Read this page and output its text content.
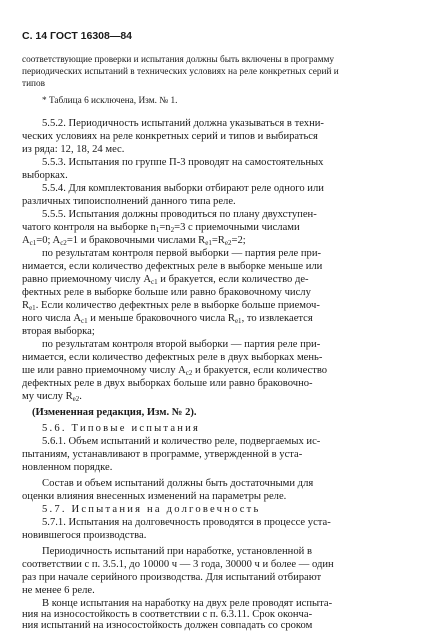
С. 14 ГОСТ 16308—84
соответствующие проверки и испытания должны быть включены в программу
периодических испытаний в технических условиях на реле конкретных серий и
типов
* Таблица 6 исключена, Изм. № 1.
5.5.2. Периодичность испытаний должна указываться в техни-
ческих условиях на реле конкретных серий и типов и выбираться
из ряда: 12, 18, 24 мес.
5.5.3. Испытания по группе П-3 проводят на самостоятельных
выборках.
5.5.4. Для комплектования выборки отбирают реле одного или
различных типоисполнений данного типа реле.
5.5.5. Испытания должны проводиться по плану двухступен-
чатого контроля на выборке $n_1=n_2=3$ с приемочными числами
$A_{c1}=0$; $A_{c2}=1$ и браковочными числами $R_{e1}=R_{e2}=2$;
по результатам контроля первой выборки — партия реле при-
нимается, если количество дефектных реле в выборке меньше или
равно приемочному числу $A_{c1}$ и бракуется, если количество де-
фектных реле в выборке больше или равно браковочному числу
$R_{e1}$. Если количество дефектных реле в выборке больше приемоч-
ного числа $A_{c1}$ и меньше браковочного числа $R_{e1}$, то извлекается
вторая выборка;
по результатам контроля второй выборки — партия реле при-
нимается, если количество дефектных реле в двух выборках мень-
ше или равно приемочному числу $A_{c2}$ и бракуется, если количество
дефектных реле в двух выборках больше или равно браковочно-
му числу $R_{e2}$.
(Измененная редакция, Изм. № 2).
5.6. Типовые испытания
5.6.1. Объем испытаний и количество реле, подвергаемых ис-
пытаниям, устанавливают в программе, утвержденной в уста-
новленном порядке.
Состав и объем испытаний должны быть достаточными для
оценки влияния внесенных изменений на параметры реле.
5.7. Испытания на долговечность
5.7.1. Испытания на долговечность проводятся в процессе уста-
новившегося производства.
Периодичность испытаний при наработке, установленной в
соответствии с п. 3.5.1, до 10000 ч — 3 года, 30000 ч и более — один
раз при начале серийного производства. Для испытаний отбирают
не менее 6 реле.
В конце испытания на наработку на двух реле проводят испыта-
ния на износостойкость в соответствии с п. 6.3.11. Срок оконча-
ния испытаний на износостойкость должен совпадать со сроком
